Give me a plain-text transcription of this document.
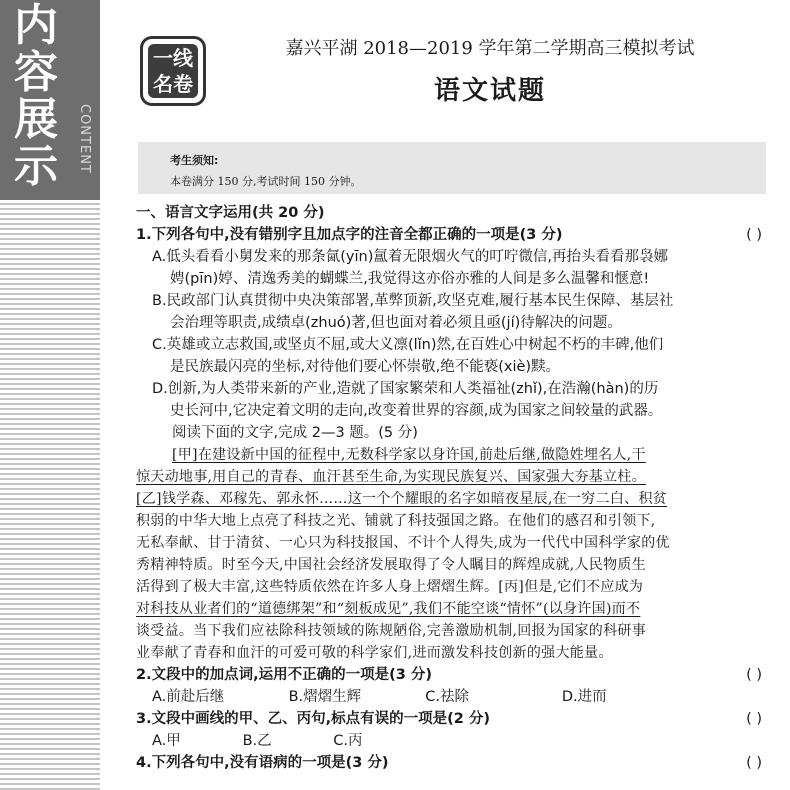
内
容
展
示	CONTENT
一线
名卷
嘉兴平湖 2018—2019 学年第二学期高三模拟考试
语文试题
考生须知:
本卷满分 150 分,考试时间 150 分钟。
一、语言文字运用(共 20 分)
1.下列各句中,没有错别字且加点字的注音全都正确的一项是(3 分)	( )
A.低头看看小舅发来的那条氤(yīn)氲着无限烟火气的叮咛微信,再抬头看看那袅娜
娉(pīn)婷、清逸秀美的蝴蝶兰,我觉得这亦俗亦雅的人间是多么温馨和惬意!
B.民政部门认真贯彻中央决策部署,革弊顶新,攻坚克难,履行基本民生保障、基层社
会治理等职责,成绩卓(zhuó)著,但也面对着必须且亟(jí)待解决的问题。
C.英雄或立志救国,或坚贞不屈,或大义凛(lǐn)然,在百姓心中树起不朽的丰碑,他们
是民族最闪亮的坐标,对待他们要心怀崇敬,绝不能亵(xiè)黩。
D.创新,为人类带来新的产业,造就了国家繁荣和人类福祉(zhǐ),在浩瀚(hàn)的历
史长河中,它决定着文明的走向,改变着世界的容颜,成为国家之间较量的武器。
阅读下面的文字,完成 2—3 题。(5 分)
[甲]在建设新中国的征程中,无数科学家以身许国,前赴后继,做隐姓埋名人,干
惊天动地事,用自己的青春、血汗甚至生命,为实现民族复兴、国家强大夯基立柱。
[乙]钱学森、邓稼先、郭永怀……这一个个耀眼的名字如暗夜星辰,在一穷二白、积贫
积弱的中华大地上点亮了科技之光、铺就了科技强国之路。在他们的感召和引领下,
无私奉献、甘于清贫、一心只为科技报国、不计个人得失,成为一代代中国科学家的优
秀精神特质。时至今天,中国社会经济发展取得了令人瞩目的辉煌成就,人民物质生
活得到了极大丰富,这些特质依然在许多人身上熠熠生辉。[丙]但是,它们不应成为
对科技从业者们的“道德绑架”和“刻板成见”,我们不能空谈“情怀”(以身许国)而不
谈受益。当下我们应祛除科技领域的陈规陋俗,完善激励机制,回报为国家的科研事
业奉献了青春和血汗的可爱可敬的科学家们,进而激发科技创新的强大能量。
2.文段中的加点词,运用不正确的一项是(3 分)	( )
A.前赴后继	B.熠熠生辉	C.祛除	D.进而
3.文段中画线的甲、乙、丙句,标点有误的一项是(2 分)	( )
A.甲	B.乙	C.丙
4.下列各句中,没有语病的一项是(3 分)	( )
